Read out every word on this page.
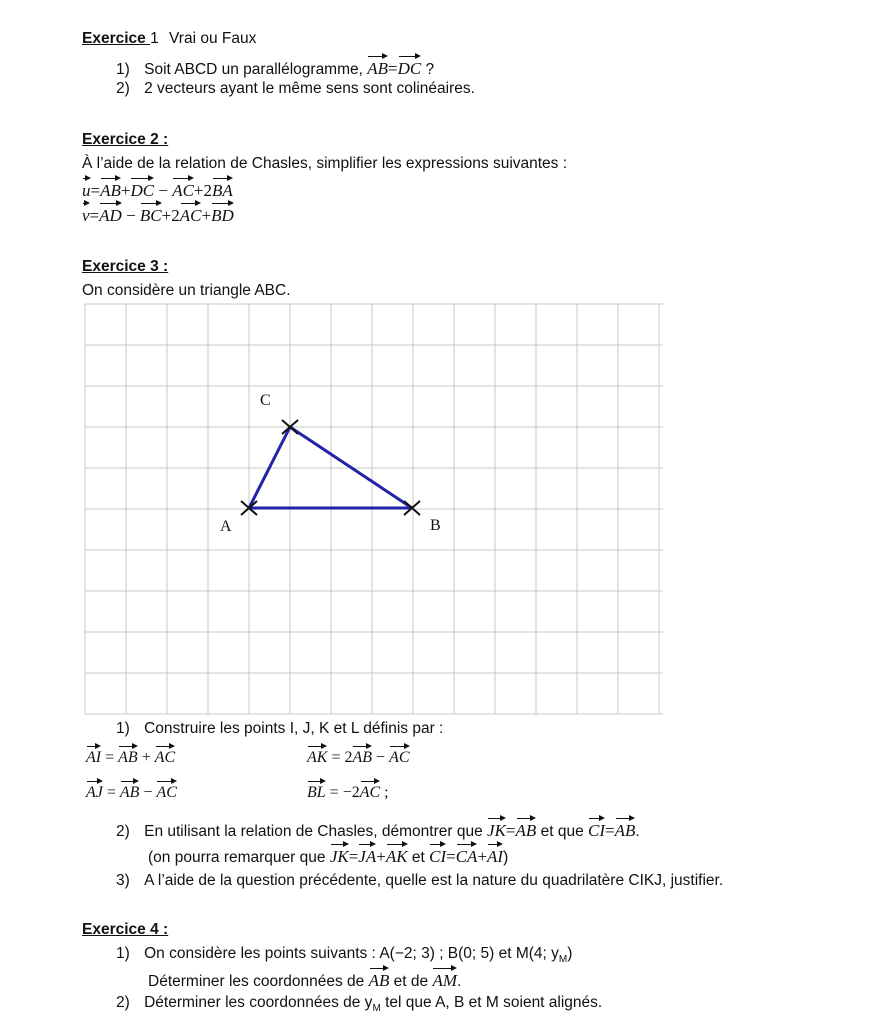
Exercice 1 Vrai ou Faux
1) Soit ABCD un parallélogramme, AB=DC ?
2) 2 vecteurs ayant le même sens sont colinéaires.
Exercice 2 :
À l’aide de la relation de Chasles, simplifier les expressions suivantes :
u=AB+DC − AC+2BA
v=AD − BC+2AC+BD
Exercice 3 :
On considère un triangle ABC.
A	B
C
1) Construire les points I, J, K et L définis par :
AI = AB + AC	AK = 2AB − AC
AJ = AB − AC	BL = −2AC ;
2) En utilisant la relation de Chasles, démontrer que JK=AB et que CI=AB.
(on pourra remarquer que JK=JA+AK et CI=CA+AI)
3) A l’aide de la question précédente, quelle est la nature du quadrilatère CIKJ, justifier.
Exercice 4 :
1) On considère les points suivants : A(−2; 3) ; B(0; 5) et M(4; $y_M$)
Déterminer les coordonnées de AB et de AM.
2) Déterminer les coordonnées de $y_M$ tel que A, B et M soient alignés.
